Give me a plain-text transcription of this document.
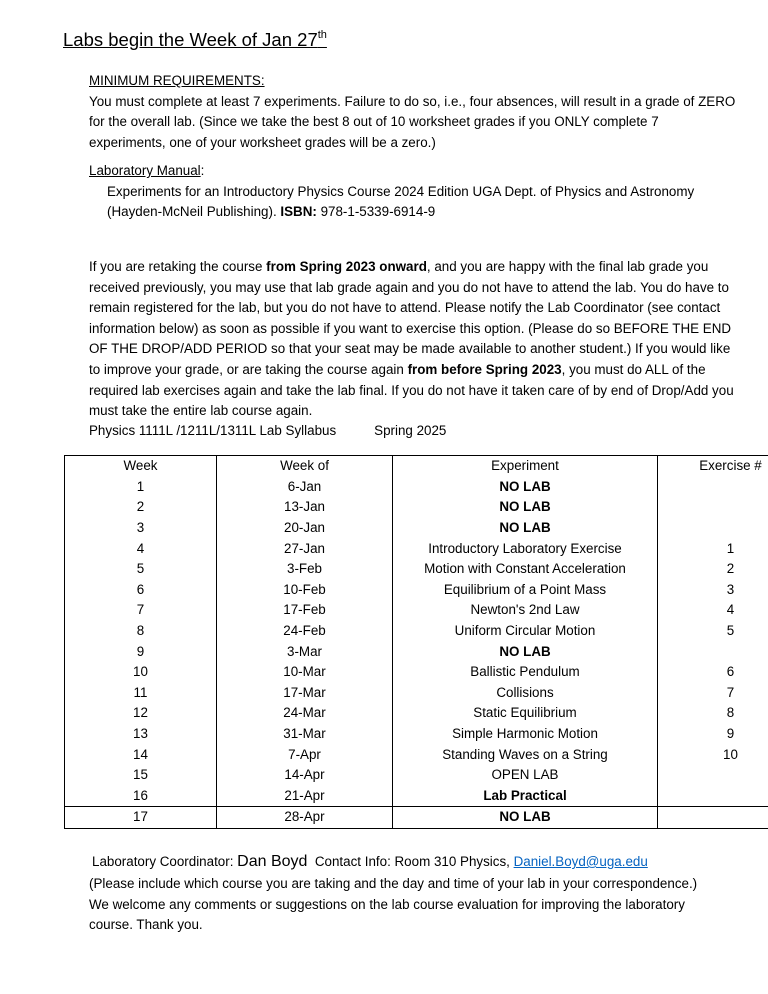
Labs begin the Week of Jan 27th
MINIMUM REQUIREMENTS:
You must complete at least 7 experiments. Failure to do so, i.e., four absences, will result in a grade of ZERO for the overall lab. (Since we take the best 8 out of 10 worksheet grades if you ONLY complete 7 experiments, one of your worksheet grades will be a zero.)
Laboratory Manual:
Experiments for an Introductory Physics Course 2024 Edition UGA Dept. of Physics and Astronomy (Hayden-McNeil Publishing). ISBN: 978-1-5339-6914-9
If you are retaking the course from Spring 2023 onward, and you are happy with the final lab grade you received previously, you may use that lab grade again and you do not have to attend the lab. You do have to remain registered for the lab, but you do not have to attend. Please notify the Lab Coordinator (see contact information below) as soon as possible if you want to exercise this option. (Please do so BEFORE THE END OF THE DROP/ADD PERIOD so that your seat may be made available to another student.) If you would like to improve your grade, or are taking the course again from before Spring 2023, you must do ALL of the required lab exercises again and take the lab final. If you do not have it taken care of by end of Drop/Add you must take the entire lab course again.
Physics 1111L /1211L/1311L Lab Syllabus	Spring 2025
Week	Week of	Experiment	Exercise #
1	6-Jan	NO LAB	
2	13-Jan	NO LAB	
3	20-Jan	NO LAB	
4	27-Jan	Introductory Laboratory Exercise	1
5	3-Feb	Motion with Constant Acceleration	2
6	10-Feb	Equilibrium of a Point Mass	3
7	17-Feb	Newton's 2nd Law	4
8	24-Feb	Uniform Circular Motion	5
9	3-Mar	NO LAB	
10	10-Mar	Ballistic Pendulum	6
11	17-Mar	Collisions	7
12	24-Mar	Static Equilibrium	8
13	31-Mar	Simple Harmonic Motion	9
14	7-Apr	Standing Waves on a String	10
15	14-Apr	OPEN LAB	
16	21-Apr	Lab Practical	
17	28-Apr	NO LAB	
Laboratory Coordinator: Dan Boyd  Contact Info: Room 310 Physics, Daniel.Boyd@uga.edu
(Please include which course you are taking and the day and time of your lab in your correspondence.)
We welcome any comments or suggestions on the lab course evaluation for improving the laboratory course. Thank you.
